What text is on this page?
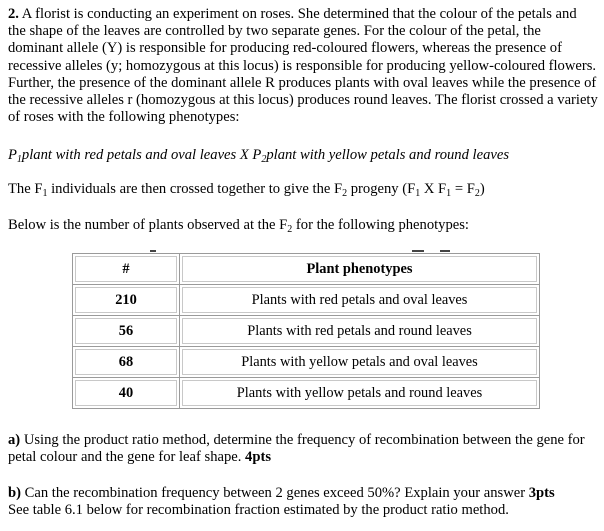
2. A florist is conducting an experiment on roses. She determined that the colour of the petals and the shape of the leaves are controlled by two separate genes. For the colour of the petal, the dominant allele (Y) is responsible for producing red-coloured flowers, whereas the presence of recessive alleles (y; homozygous at this locus) is responsible for producing yellow-coloured flowers. Further, the presence of the dominant allele R produces plants with oval leaves while the presence of the recessive alleles r (homozygous at this locus) produces round leaves. The florist crossed a variety of roses with the following phenotypes:

$P_1plant$ with red petals and oval leaves X $P_2plant$ with yellow petals and round leaves

The $F_1$ individuals are then crossed together to give the $F_2$ progeny ($F_1$ X $F_1 = F_2$)

Below is the number of plants observed at the $F_2$ for the following phenotypes:

#	Plant phenotypes

210	Plants with red petals and oval leaves

56	Plants with red petals and round leaves

68	Plants with yellow petals and oval leaves

40	Plants with yellow petals and round leaves

a) Using the product ratio method, determine the frequency of recombination between the gene for petal colour and the gene for leaf shape. 4pts

b) Can the recombination frequency between 2 genes exceed 50%? Explain your answer 3pts
See table 6.1 below for recombination fraction estimated by the product ratio method.
